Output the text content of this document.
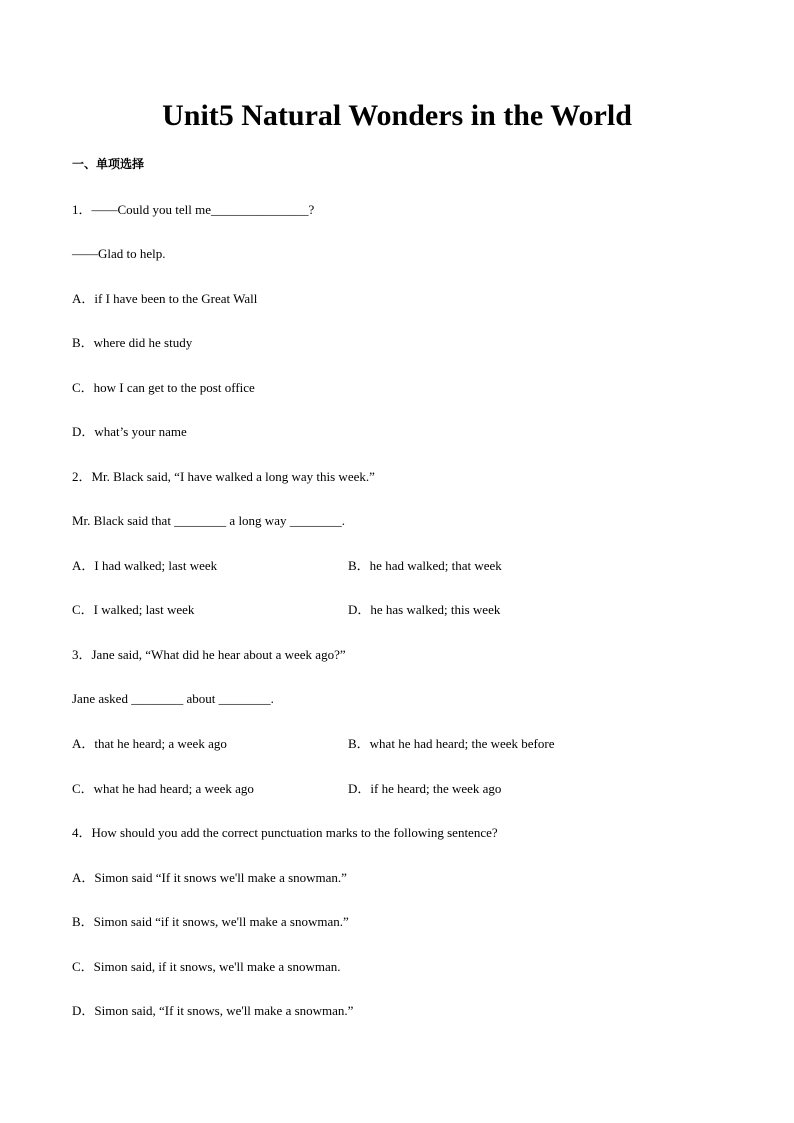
Unit5 Natural Wonders in the World

一、单项选择

1．——Could you tell me_______________?

——Glad to help.

A．if I have been to the Great Wall

B．where did he study

C．how I can get to the post office

D．what’s your name

2．Mr. Black said, “I have walked a long way this week.”

Mr. Black said that ________ a long way ________.

A．I had walked; last week	B．he had walked; that week

C．I walked; last week	D．he has walked; this week

3．Jane said, “What did he hear about a week ago?”

Jane asked ________ about ________.

A．that he heard; a week ago	B．what he had heard; the week before

C．what he had heard; a week ago	D．if he heard; the week ago

4．How should you add the correct punctuation marks to the following sentence?

A．Simon said “If it snows we'll make a snowman.”

B．Simon said “if it snows, we'll make a snowman.”

C．Simon said, if it snows, we'll make a snowman.

D．Simon said, “If it snows, we'll make a snowman.”
